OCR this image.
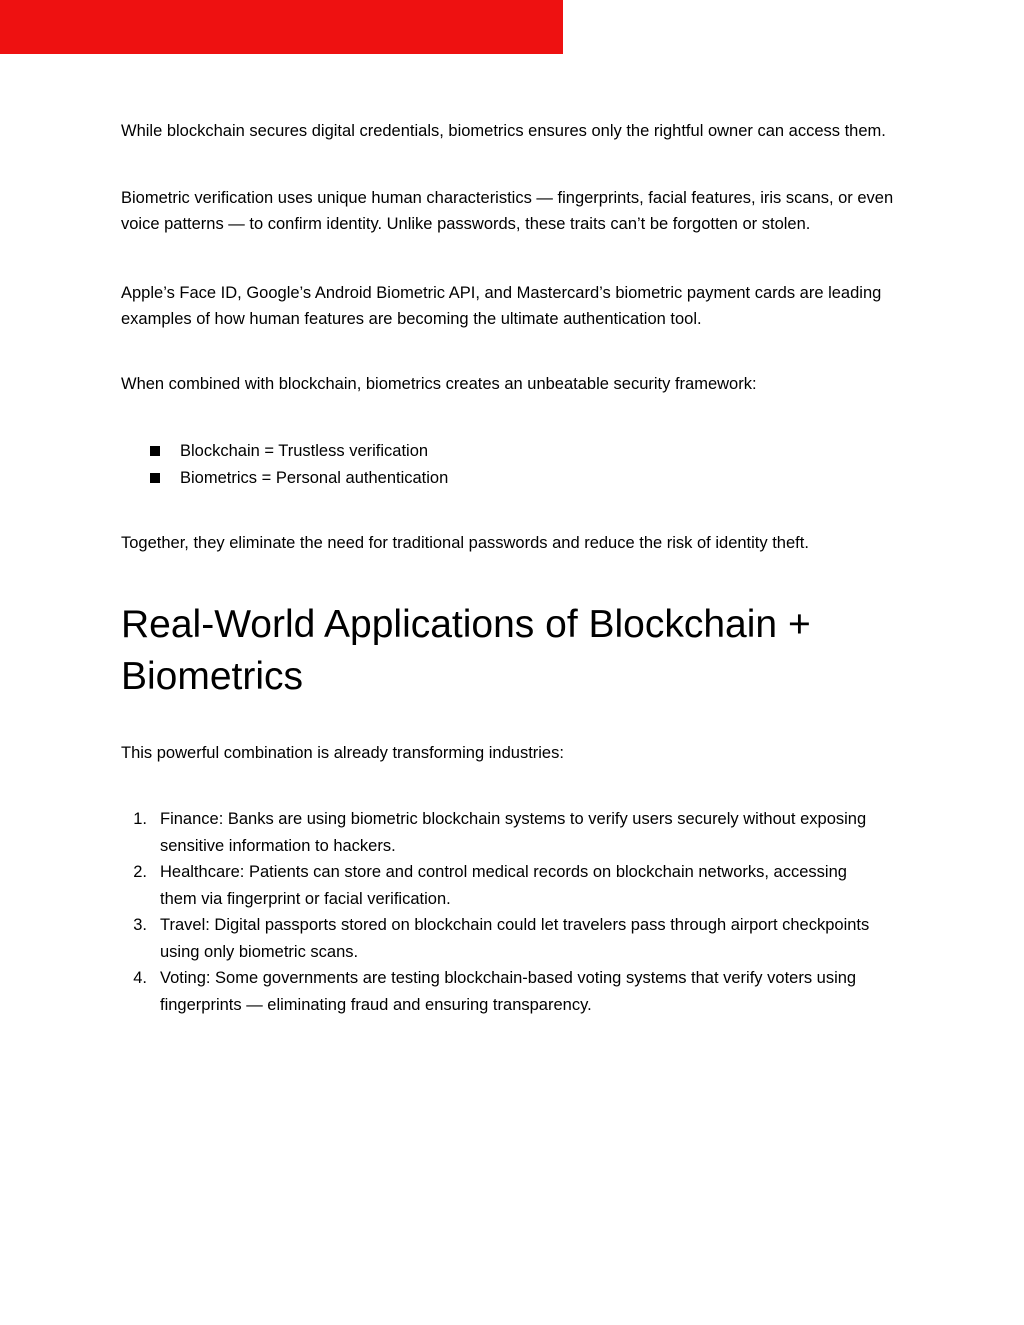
While blockchain secures digital credentials, biometrics ensures only the rightful owner can access them.

Biometric verification uses unique human characteristics — fingerprints, facial features, iris scans, or even voice patterns — to confirm identity. Unlike passwords, these traits can’t be forgotten or stolen.

Apple’s Face ID, Google’s Android Biometric API, and Mastercard’s biometric payment cards are leading examples of how human features are becoming the ultimate authentication tool.

When combined with blockchain, biometrics creates an unbeatable security framework:

Blockchain = Trustless verification
Biometrics = Personal authentication

Together, they eliminate the need for traditional passwords and reduce the risk of identity theft.

Real-World Applications of Blockchain + Biometrics

This powerful combination is already transforming industries:

1. Finance: Banks are using biometric blockchain systems to verify users securely without exposing sensitive information to hackers.
2. Healthcare: Patients can store and control medical records on blockchain networks, accessing them via fingerprint or facial verification.
3. Travel: Digital passports stored on blockchain could let travelers pass through airport checkpoints using only biometric scans.
4. Voting: Some governments are testing blockchain-based voting systems that verify voters using fingerprints — eliminating fraud and ensuring transparency.
